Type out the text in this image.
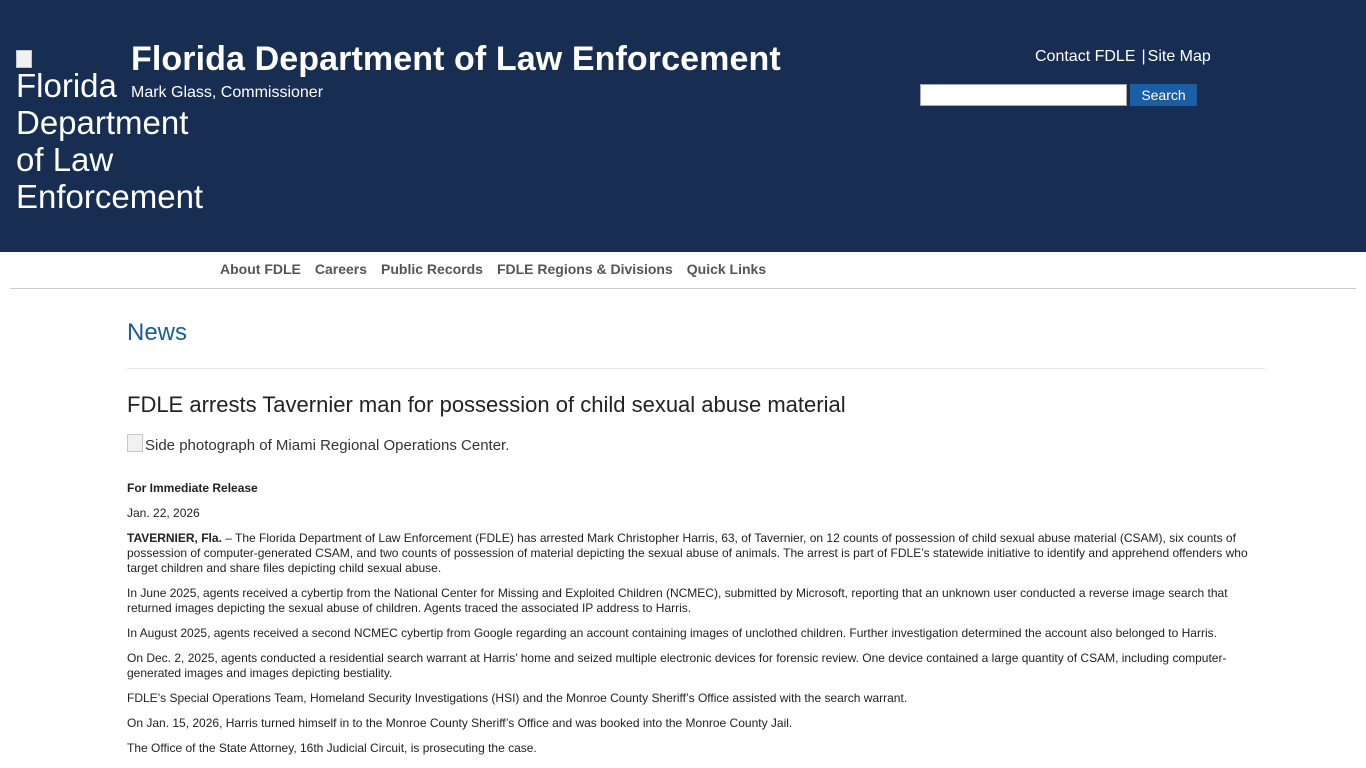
Florida Department of Law Enforcement
Florida Department of Law Enforcement
Mark Glass, Commissioner
Contact FDLE | Site Map
Search
About FDLE Careers Public Records FDLE Regions & Divisions Quick Links
News
FDLE arrests Tavernier man for possession of child sexual abuse material
Side photograph of Miami Regional Operations Center.

For Immediate Release

Jan. 22, 2026

TAVERNIER, Fla. – The Florida Department of Law Enforcement (FDLE) has arrested Mark Christopher Harris, 63, of Tavernier, on 12 counts of possession of child sexual abuse material (CSAM), six counts of possession of computer-generated CSAM, and two counts of possession of material depicting the sexual abuse of animals. The arrest is part of FDLE’s statewide initiative to identify and apprehend offenders who target children and share files depicting child sexual abuse.

In June 2025, agents received a cybertip from the National Center for Missing and Exploited Children (NCMEC), submitted by Microsoft, reporting that an unknown user conducted a reverse image search that returned images depicting the sexual abuse of children. Agents traced the associated IP address to Harris.

In August 2025, agents received a second NCMEC cybertip from Google regarding an account containing images of unclothed children. Further investigation determined the account also belonged to Harris.

On Dec. 2, 2025, agents conducted a residential search warrant at Harris’ home and seized multiple electronic devices for forensic review. One device contained a large quantity of CSAM, including computer-generated images and images depicting bestiality.

FDLE’s Special Operations Team, Homeland Security Investigations (HSI) and the Monroe County Sheriff’s Office assisted with the search warrant.

On Jan. 15, 2026, Harris turned himself in to the Monroe County Sheriff’s Office and was booked into the Monroe County Jail.

The Office of the State Attorney, 16th Judicial Circuit, is prosecuting the case.
